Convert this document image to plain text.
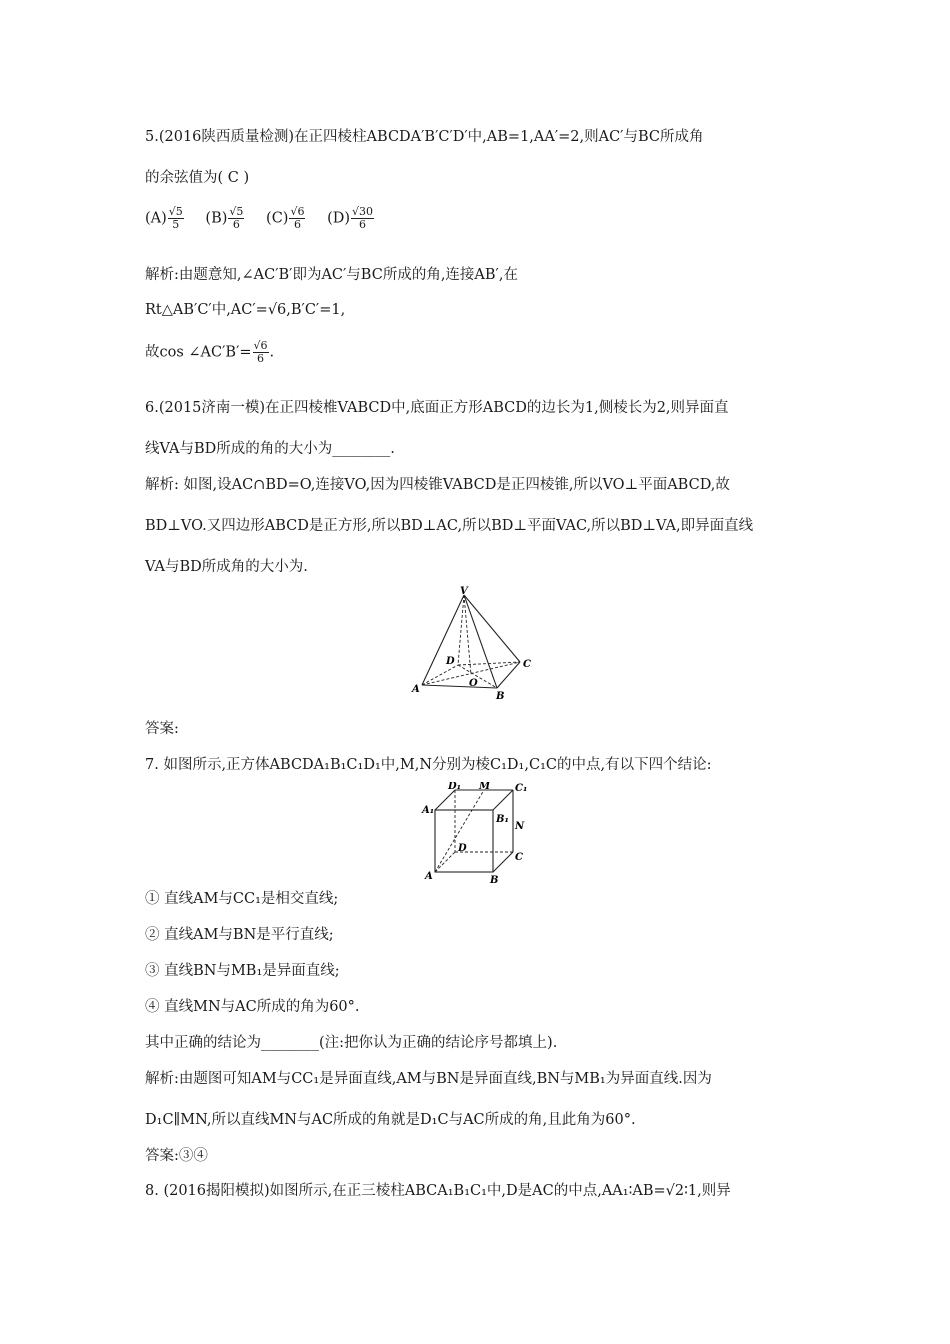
5.(2016陕西质量检测)在正四棱柱ABCDA′B′C′D′中,AB=1,AA′=2,则AC′与BC所成角
的余弦值为( C )
$(A) \frac{√5}{5} (B) \frac{√5}{6} (C) \frac{√6}{6} (D) \frac{√30}{6}$
解析:由题意知,∠AC′B′即为AC′与BC所成的角,连接AB′,在
Rt△AB′C′中,AC′=√6,B′C′=1,
故cos ∠AC′B′= $\frac{√6}{6}$ .
6.(2015济南一模)在正四棱椎VABCD中,底面正方形ABCD的边长为1,侧棱长为2,则异面直
线VA与BD所成的角的大小为________.
解析: 如图,设AC∩BD=O,连接VO,因为四棱锥VABCD是正四棱锥,所以VO⊥平面ABCD,故
BD⊥VO.又四边形ABCD是正方形,所以BD⊥AC,所以BD⊥平面VAC,所以BD⊥VA,即异面直线
VA与BD所成角的大小为.
V
D	C
O
A
B
答案:
7. 如图所示,正方体ABCDA₁B₁C₁D₁中,M,N分别为棱C₁D₁,C₁C的中点,有以下四个结论:
D₁ M C₁
A₁
B₁
N
D
C
A	B
① 直线AM与CC₁是相交直线;
② 直线AM与BN是平行直线;
③ 直线BN与MB₁是异面直线;
④ 直线MN与AC所成的角为60°.
其中正确的结论为________(注:把你认为正确的结论序号都填上).
解析:由题图可知AM与CC₁是异面直线,AM与BN是异面直线,BN与MB₁为异面直线.因为
D₁C∥MN,所以直线MN与AC所成的角就是D₁C与AC所成的角,且此角为60°.
答案:③④
8. (2016揭阳模拟)如图所示,在正三棱柱ABCA₁B₁C₁中,D是AC的中点,AA₁∶AB=√2∶1,则异
